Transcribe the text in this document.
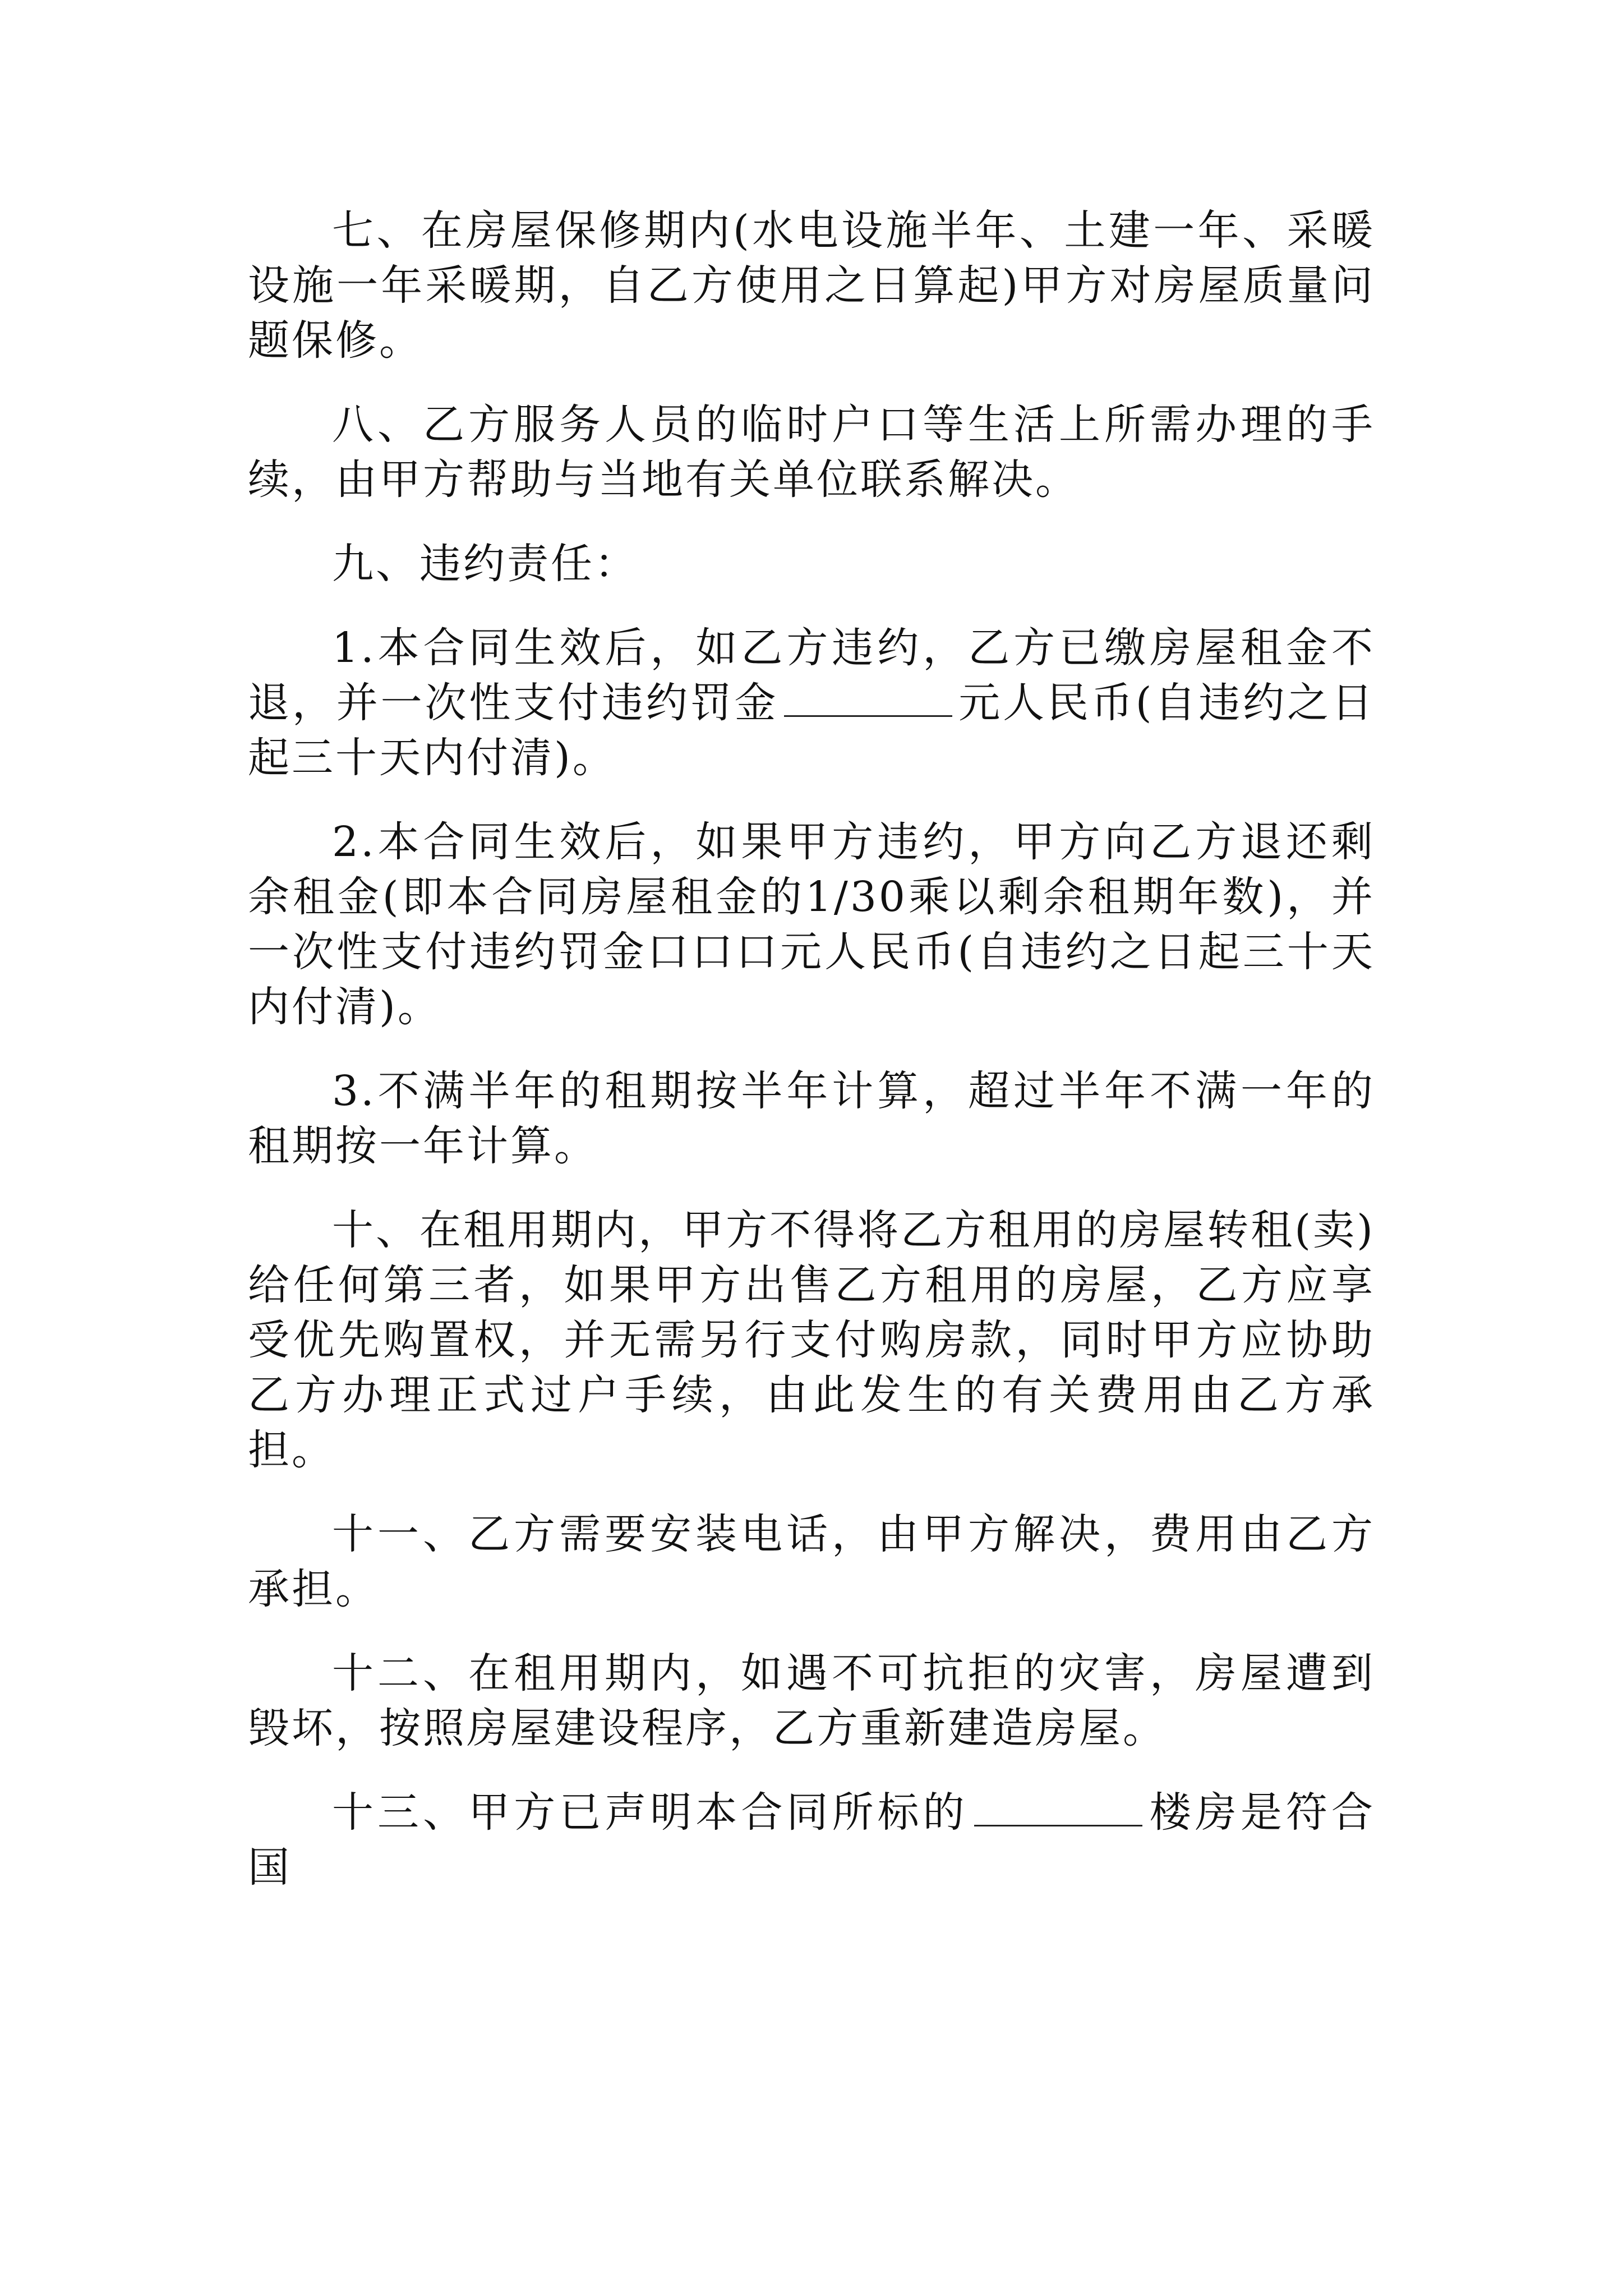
七、在房屋保修期内(水电设施半年、土建一年、采暖设施一年采暖期，自乙方使用之日算起)甲方对房屋质量问题保修。

八、乙方服务人员的临时户口等生活上所需办理的手续，由甲方帮助与当地有关单位联系解决。

九、违约责任：

1.本合同生效后，如乙方违约，乙方已缴房屋租金不退，并一次性支付违约罚金	元人民币(自违约之日起三十天内付清)。

2.本合同生效后，如果甲方违约，甲方向乙方退还剩余租金(即本合同房屋租金的1/30乘以剩余租期年数)，并一次性支付违约罚金口口口元人民币(自违约之日起三十天内付清)。

3.不满半年的租期按半年计算，超过半年不满一年的租期按一年计算。

十、在租用期内，甲方不得将乙方租用的房屋转租(卖)给任何第三者，如果甲方出售乙方租用的房屋，乙方应享受优先购置权，并无需另行支付购房款，同时甲方应协助乙方办理正式过户手续，由此发生的有关费用由乙方承担。

十一、乙方需要安装电话，由甲方解决，费用由乙方承担。

十二、在租用期内，如遇不可抗拒的灾害，房屋遭到毁坏，按照房屋建设程序，乙方重新建造房屋。

十三、甲方已声明本合同所标的	楼房是符合国
